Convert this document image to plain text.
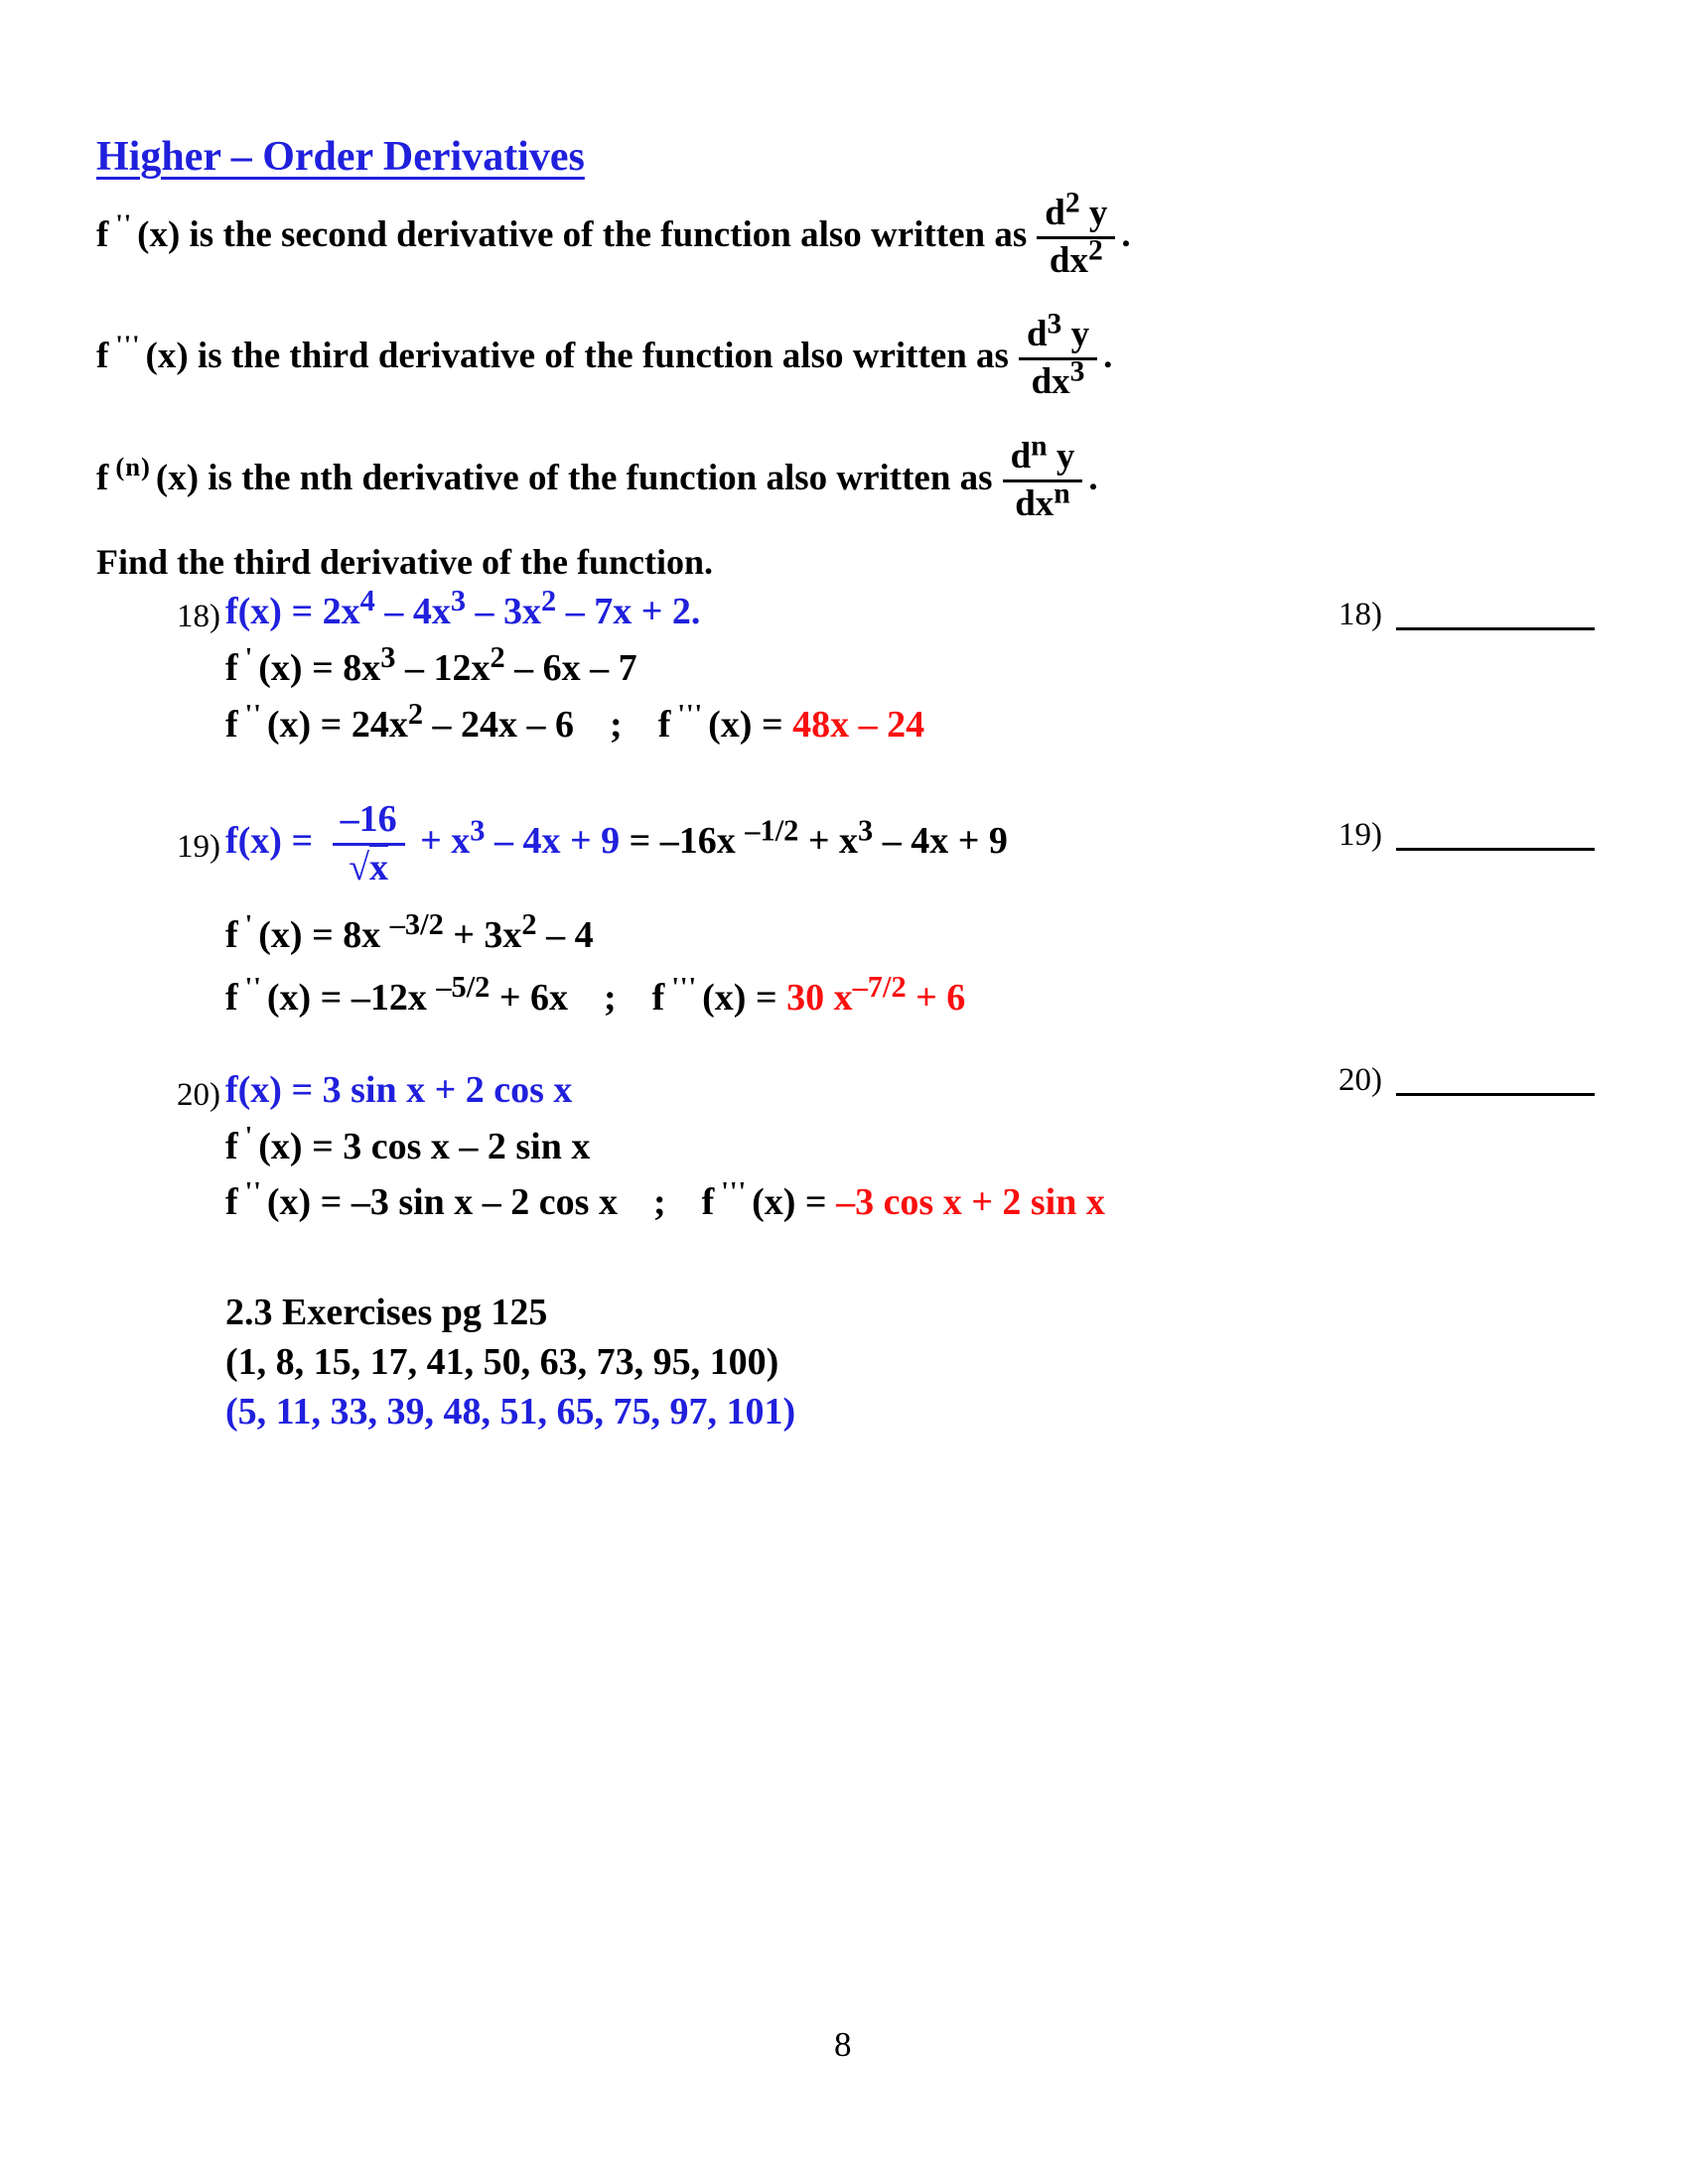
Higher – Order Derivatives
f '' (x) is the second derivative of the function also written as $\frac{d^2 y}{dx^2}$ .
f ''' (x) is the third derivative of the function also written as $\frac{d^3 y}{dx^3}$ .
f $^{(n)}$ (x) is the nth derivative of the function also written as $\frac{d^n y}{dx^n}$ .
Find the third derivative of the function.
18) $f(x) = 2x^4 - 4x^3 - 3x^2 - 7x + 2$.
f ' $(x) = 8x^3 - 12x^2 - 6x - 7$
f '' $(x) = 24x^2 - 24x - 6$ ; f ''' (x) = 48x – 24
19) $f(x) = \frac{-16}{√x} + x^3 - 4x + 9 = -16x$ $^{-1/2} + x^3 - 4x + 9$
f ' (x) = 8x $^{-3/2} + 3x^2 - 4$
f '' (x) = –12x $^{-5/2}$ + 6x ; f ''' (x) = 30 $x^{-7/2} + 6$
20) f(x) = 3 sin x + 2 cos x
f ' (x) = 3 cos x – 2 sin x
f '' (x) = –3 sin x – 2 cos x ; f ''' (x) = –3 cos x + 2 sin x
2.3 Exercises pg 125
(1, 8, 15, 17, 41, 50, 63, 73, 95, 100)
(5, 11, 33, 39, 48, 51, 65, 75, 97, 101)
18)
19)
20)
8
